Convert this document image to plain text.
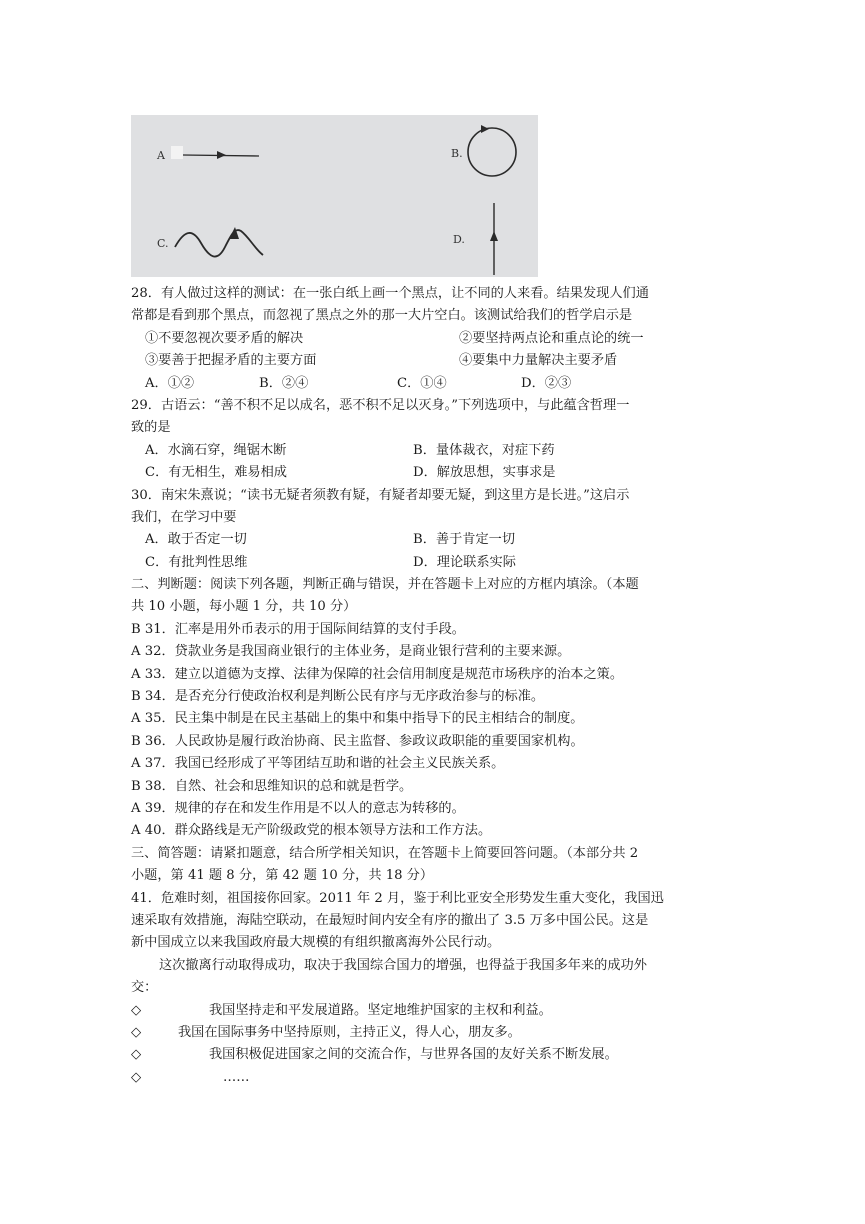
A	B.
C.	D.
28．有人做过这样的测试：在一张白纸上画一个黑点，让不同的人来看。结果发现人们通
常都是看到那个黑点，而忽视了黑点之外的那一大片空白。该测试给我们的哲学启示是
①不要忽视次要矛盾的解决	②要坚持两点论和重点论的统一
③要善于把握矛盾的主要方面	④要集中力量解决主要矛盾
A．①②	B．②④	C．①④	D．②③
29．古语云：“善不积不足以成名，恶不积不足以灭身。”下列选项中，与此蕴含哲理一
致的是
A．水滴石穿，绳锯木断	B．量体裁衣，对症下药
C．有无相生，难易相成	D．解放思想，实事求是
30．南宋朱熹说；“读书无疑者须教有疑，有疑者却要无疑，到这里方是长进。”这启示
我们，在学习中要
A．敢于否定一切	B．善于肯定一切
C．有批判性思维	D．理论联系实际
二、判断题：阅读下列各题，判断正确与错误，并在答题卡上对应的方框内填涂。（本题
共 10 小题，每小题 1 分，共 10 分）
B 31．汇率是用外币表示的用于国际间结算的支付手段。
A 32．贷款业务是我国商业银行的主体业务，是商业银行营利的主要来源。
A 33．建立以道德为支撑、法律为保障的社会信用制度是规范市场秩序的治本之策。
B 34．是否充分行使政治权利是判断公民有序与无序政治参与的标准。
A 35．民主集中制是在民主基础上的集中和集中指导下的民主相结合的制度。
B 36．人民政协是履行政治协商、民主监督、参政议政职能的重要国家机构。
A 37．我国已经形成了平等团结互助和谐的社会主义民族关系。
B 38．自然、社会和思维知识的总和就是哲学。
A 39．规律的存在和发生作用是不以人的意志为转移的。
A 40．群众路线是无产阶级政党的根本领导方法和工作方法。
三、简答题：请紧扣题意，结合所学相关知识，在答题卡上简要回答问题。（本部分共 2
小题，第 41 题 8 分，第 42 题 10 分，共 18 分）
41．危难时刻，祖国接你回家。2011 年 2 月，鉴于利比亚安全形势发生重大变化，我国迅
速采取有效措施，海陆空联动，在最短时间内安全有序的撤出了 3.5 万多中国公民。这是
新中国成立以来我国政府最大规模的有组织撤离海外公民行动。
这次撤离行动取得成功，取决于我国综合国力的增强，也得益于我国多年来的成功外
交：
◇	我国坚持走和平发展道路。坚定地维护国家的主权和利益。
◇	我国在国际事务中坚持原则，主持正义，得人心，朋友多。
◇	我国积极促进国家之间的交流合作，与世界各国的友好关系不断发展。
◇	……
